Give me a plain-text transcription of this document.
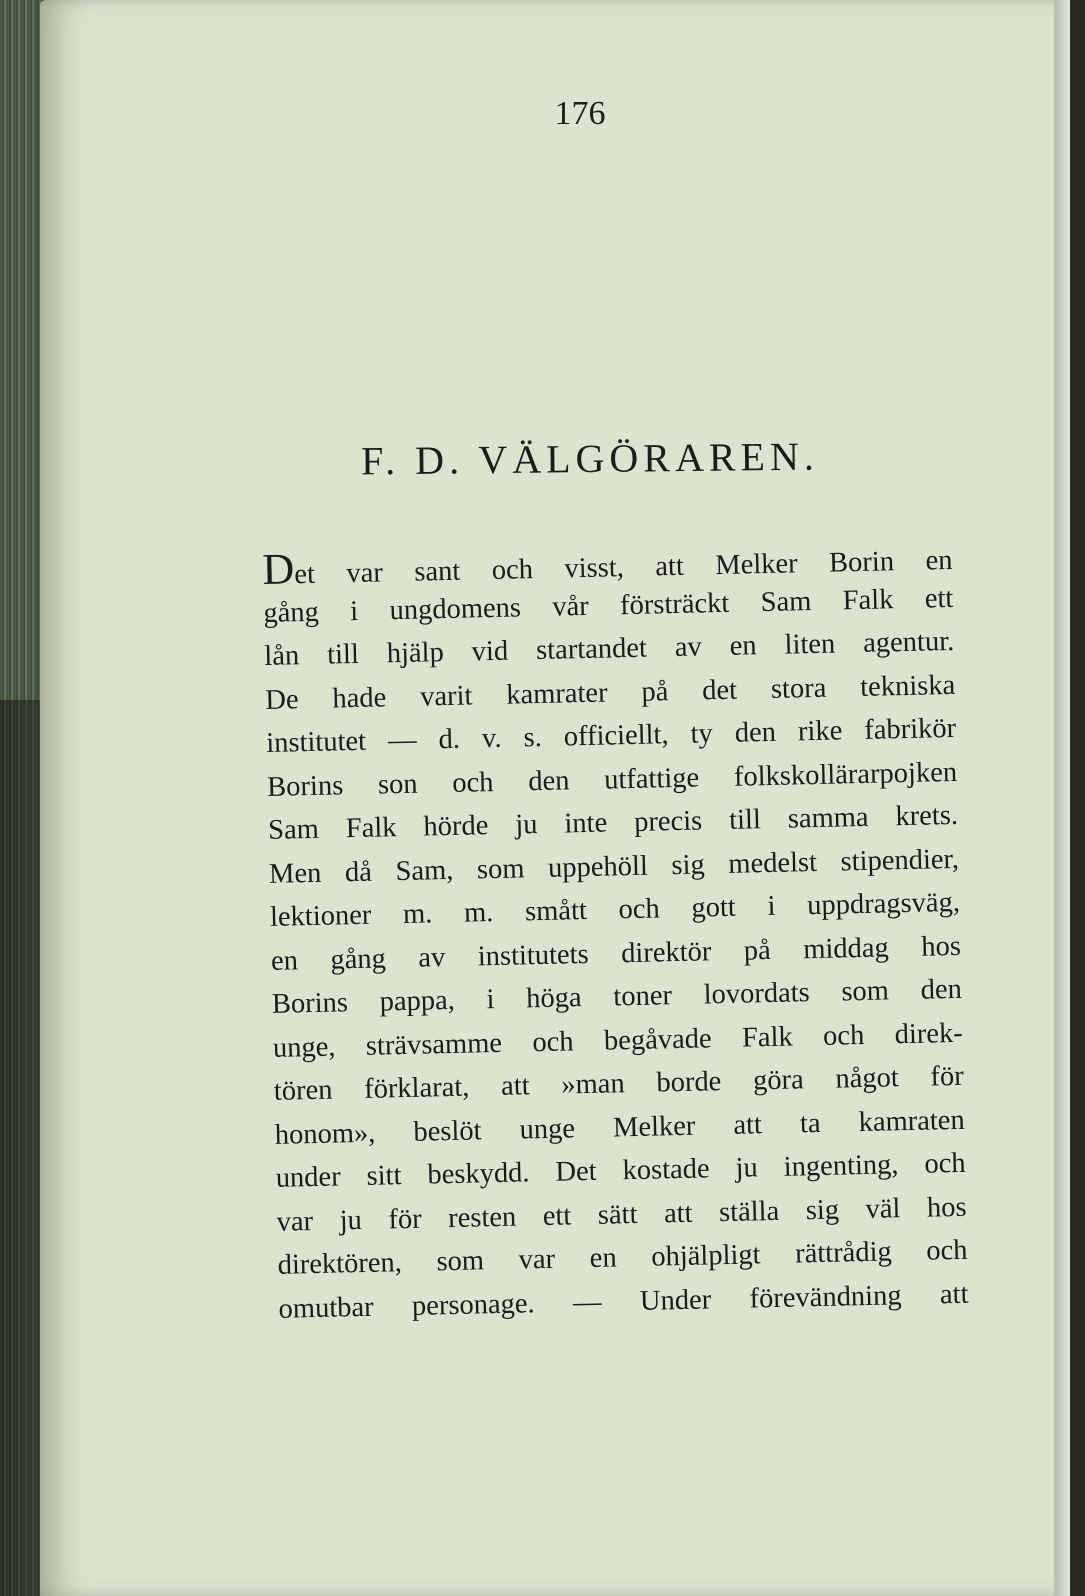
176
F. D. VÄLGÖRAREN.
Det var sant och visst, att Melker Borin en
gång i ungdomens vår försträckt Sam Falk ett
lån till hjälp vid startandet av en liten agentur.
De hade varit kamrater på det stora tekniska
institutet — d. v. s. officiellt, ty den rike fabrikör
Borins son och den utfattige folkskollärarpojken
Sam Falk hörde ju inte precis till samma krets.
Men då Sam, som uppehöll sig medelst stipendier,
lektioner m. m. smått och gott i uppdragsväg,
en gång av institutets direktör på middag hos
Borins pappa, i höga toner lovordats som den
unge, strävsamme och begåvade Falk och direk-
tören förklarat, att »man borde göra något för
honom», beslöt unge Melker att ta kamraten
under sitt beskydd. Det kostade ju ingenting, och
var ju för resten ett sätt att ställa sig väl hos
direktören, som var en ohjälpligt rättrådig och
omutbar personage. — Under förevändning att
